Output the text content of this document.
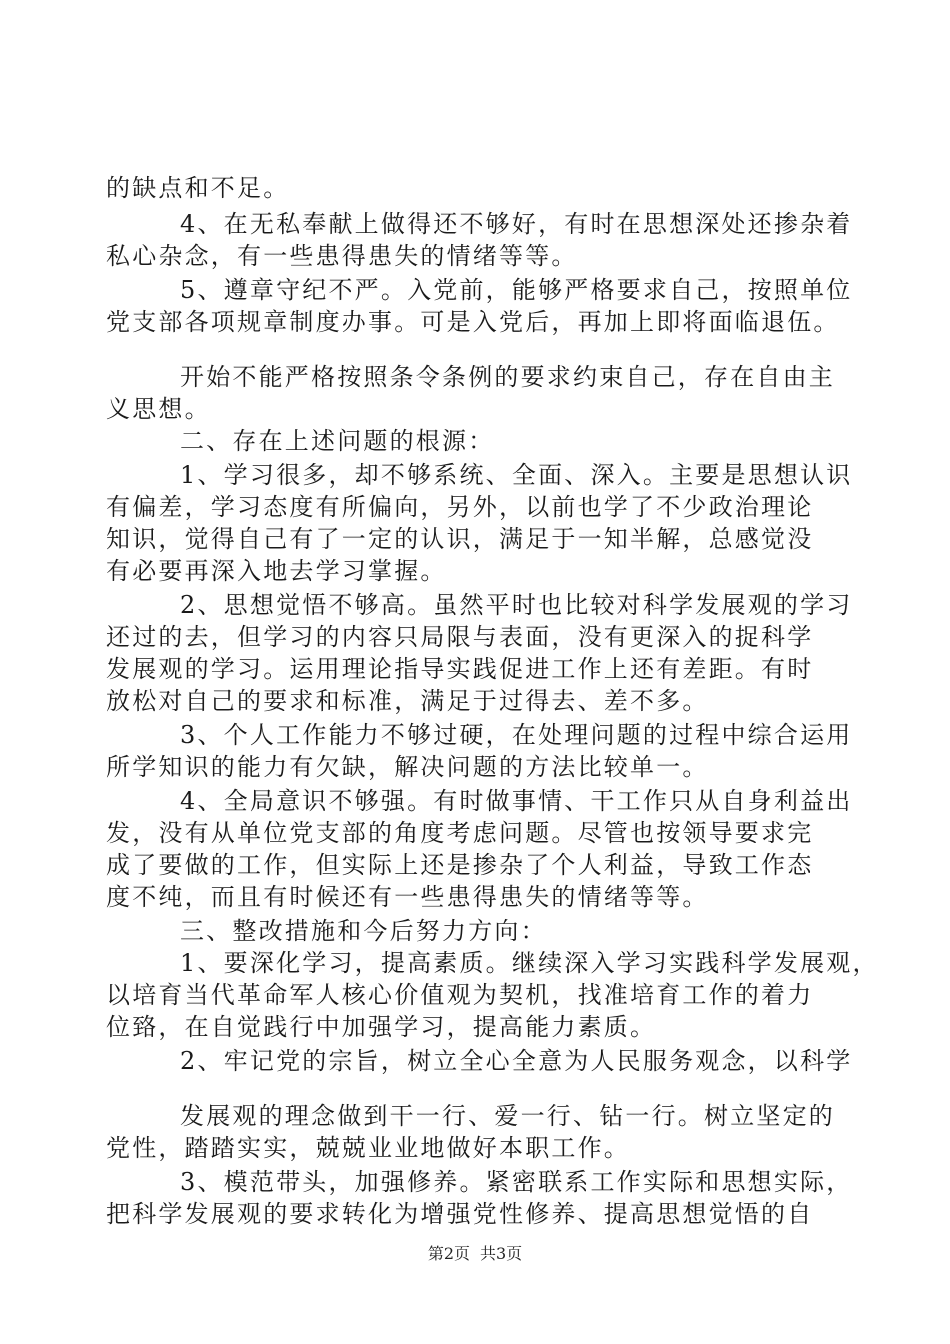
的缺点和不足。
4、在无私奉献上做得还不够好，有时在思想深处还掺杂着
私心杂念，有一些患得患失的情绪等等。
5、遵章守纪不严。入党前，能够严格要求自己，按照单位
党支部各项规章制度办事。可是入党后，再加上即将面临退伍。
开始不能严格按照条令条例的要求约束自己，存在自由主
义思想。
二、存在上述问题的根源：
1、学习很多，却不够系统、全面、深入。主要是思想认识
有偏差，学习态度有所偏向，另外，以前也学了不少政治理论
知识，觉得自己有了一定的认识，满足于一知半解，总感觉没
有必要再深入地去学习掌握。
2、思想觉悟不够高。虽然平时也比较对科学发展观的学习
还过的去，但学习的内容只局限与表面，没有更深入的捉科学
发展观的学习。运用理论指导实践促进工作上还有差距。有时
放松对自己的要求和标准，满足于过得去、差不多。
3、个人工作能力不够过硬，在处理问题的过程中综合运用
所学知识的能力有欠缺，解决问题的方法比较单一。
4、全局意识不够强。有时做事情、干工作只从自身利益出
发，没有从单位党支部的角度考虑问题。尽管也按领导要求完
成了要做的工作，但实际上还是掺杂了个人利益，导致工作态
度不纯，而且有时候还有一些患得患失的情绪等等。
三、整改措施和今后努力方向：
1、要深化学习，提高素质。继续深入学习实践科学发展观，
以培育当代革命军人核心价值观为契机，找准培育工作的着力
位臵，在自觉践行中加强学习，提高能力素质。
2、牢记党的宗旨，树立全心全意为人民服务观念，以科学
发展观的理念做到干一行、爱一行、钻一行。树立坚定的
党性，踏踏实实，兢兢业业地做好本职工作。
3、模范带头，加强修养。紧密联系工作实际和思想实际，
把科学发展观的要求转化为增强党性修养、提高思想觉悟的自
第2页 共3页
